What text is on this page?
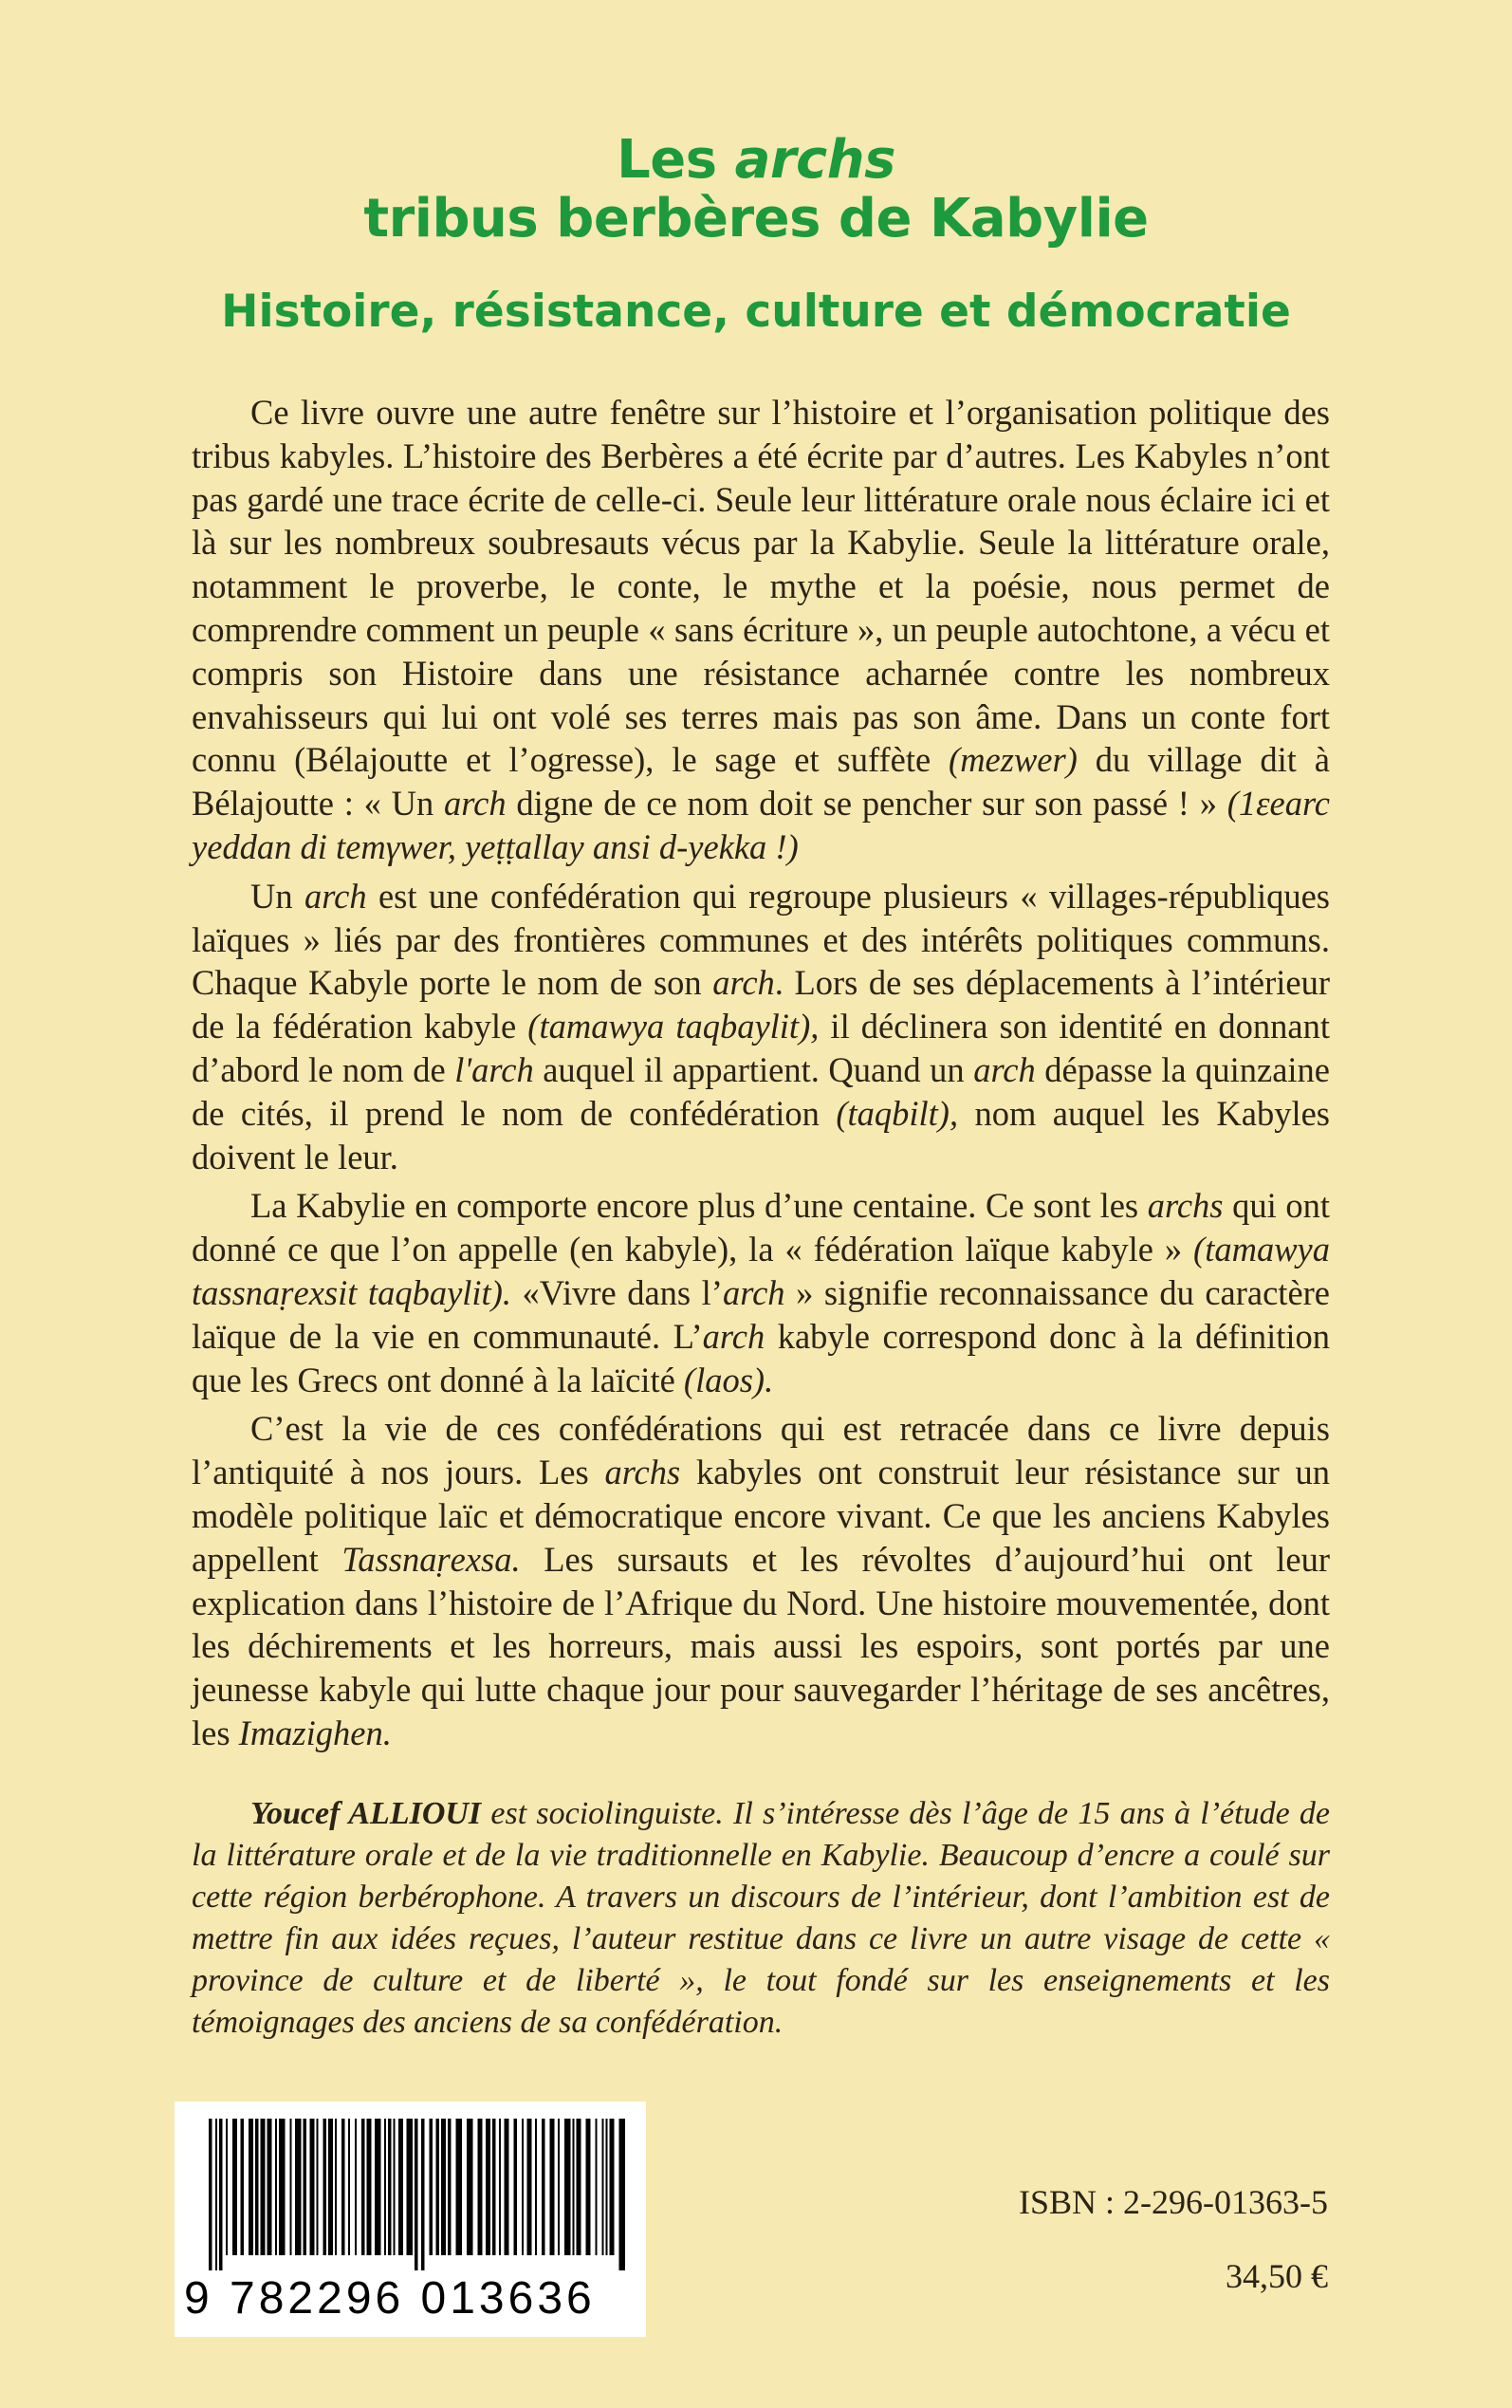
Les archs
tribus berbères de Kabylie
Histoire, résistance, culture et démocratie

Ce livre ouvre une autre fenêtre sur l’histoire et l’organisation politique des tribus kabyles. L’histoire des Berbères a été écrite par d’autres. Les Kabyles n’ont pas gardé une trace écrite de celle-ci. Seule leur littérature orale nous éclaire ici et là sur les nombreux soubresauts vécus par la Kabylie. Seule la littérature orale, notamment le proverbe, le conte, le mythe et la poésie, nous permet de comprendre comment un peuple « sans écriture », un peuple autochtone, a vécu et compris son Histoire dans une résistance acharnée contre les nombreux envahisseurs qui lui ont volé ses terres mais pas son âme. Dans un conte fort connu (Bélajoutte et l’ogresse), le sage et suffète (mezwer) du village dit à Bélajoutte : « Un arch digne de ce nom doit se pencher sur son passé ! » (1εearc yeddan di temγwer, yeṭṭallay ansi d-yekka !)

Un arch est une confédération qui regroupe plusieurs « villages-républiques laïques » liés par des frontières communes et des intérêts politiques communs. Chaque Kabyle porte le nom de son arch. Lors de ses déplacements à l’intérieur de la fédération kabyle (tamawya taqbaylit), il déclinera son identité en donnant d’abord le nom de l'arch auquel il appartient. Quand un arch dépasse la quinzaine de cités, il prend le nom de confédération (taqbilt), nom auquel les Kabyles doivent le leur.

La Kabylie en comporte encore plus d’une centaine. Ce sont les archs qui ont donné ce que l’on appelle (en kabyle), la « fédération laïque kabyle » (tamawya tassnaṛexsit taqbaylit). «Vivre dans l’arch » signifie reconnaissance du caractère laïque de la vie en communauté. L’arch kabyle correspond donc à la définition que les Grecs ont donné à la laïcité (laos).

C’est la vie de ces confédérations qui est retracée dans ce livre depuis l’antiquité à nos jours. Les archs kabyles ont construit leur résistance sur un modèle politique laïc et démocratique encore vivant. Ce que les anciens Kabyles appellent Tassnaṛexsa. Les sursauts et les révoltes d’aujourd’hui ont leur explication dans l’histoire de l’Afrique du Nord. Une histoire mouvementée, dont les déchirements et les horreurs, mais aussi les espoirs, sont portés par une jeunesse kabyle qui lutte chaque jour pour sauvegarder l’héritage de ses ancêtres, les Imazighen.

Youcef ALLIOUI est sociolinguiste. Il s’intéresse dès l’âge de 15 ans à l’étude de la littérature orale et de la vie traditionnelle en Kabylie. Beaucoup d’encre a coulé sur cette région berbérophone. A travers un discours de l’intérieur, dont l’ambition est de mettre fin aux idées reçues, l’auteur restitue dans ce livre un autre visage de cette « province de culture et de liberté », le tout fondé sur les enseignements et les témoignages des anciens de sa confédération.
9 782296 013636
ISBN : 2-296-01363-5
34,50 €
